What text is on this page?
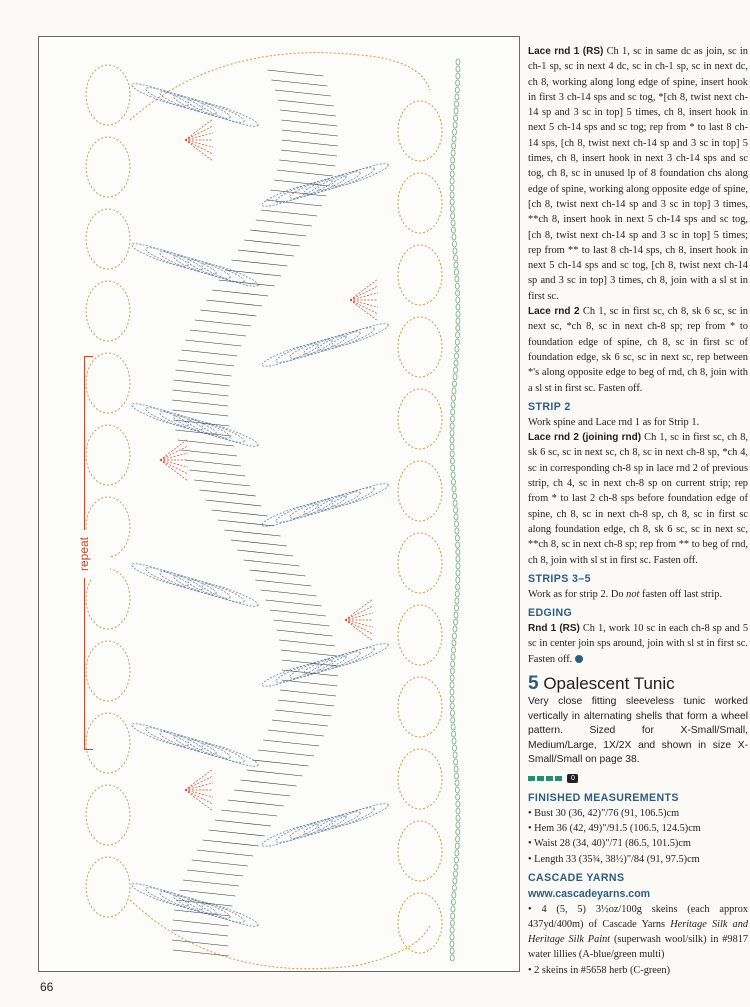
repeat

Lace rnd 1 (RS) Ch 1, sc in same dc as join, sc in ch-1 sp, sc in next 4 dc, sc in ch-1 sp, sc in next dc, ch 8, working along long edge of spine, insert hook in first 3 ch-14 sps and sc tog, *[ch 8, twist next ch-14 sp and 3 sc in top] 5 times, ch 8, insert hook in next 5 ch-14 sps and sc tog; rep from * to last 8 ch-14 sps, [ch 8, twist next ch-14 sp and 3 sc in top] 5 times, ch 8, insert hook in next 3 ch-14 sps and sc tog, ch 8, sc in unused lp of 8 foundation chs along edge of spine, working along opposite edge of spine, [ch 8, twist next ch-14 sp and 3 sc in top] 3 times, **ch 8, insert hook in next 5 ch-14 sps and sc tog, [ch 8, twist next ch-14 sp and 3 sc in top] 5 times; rep from ** to last 8 ch-14 sps, ch 8, insert hook in next 5 ch-14 sps and sc tog, [ch 8, twist next ch-14 sp and 3 sc in top] 3 times, ch 8, join with a sl st in first sc.

Lace rnd 2 Ch 1, sc in first sc, ch 8, sk 6 sc, sc in next sc, *ch 8, sc in next ch-8 sp; rep from * to foundation edge of spine, ch 8, sc in first sc of foundation edge, sk 6 sc, sc in next sc, rep between *'s along opposite edge to beg of rnd, ch 8, join with a sl st in first sc. Fasten off.

STRIP 2

Work spine and Lace rnd 1 as for Strip 1.

Lace rnd 2 (joining rnd) Ch 1, sc in first sc, ch 8, sk 6 sc, sc in next sc, ch 8, sc in next ch-8 sp, *ch 4, sc in corresponding ch-8 sp in lace rnd 2 of previous strip, ch 4, sc in next ch-8 sp on current strip; rep from * to last 2 ch-8 sps before foundation edge of spine, ch 8, sc in next ch-8 sp, ch 8, sc in first sc along foundation edge, ch 8, sk 6 sc, sc in next sc, **ch 8, sc in next ch-8 sp; rep from ** to beg of rnd, ch 8, join with sl st in first sc. Fasten off.

STRIPS 3–5

Work as for strip 2. Do not fasten off last strip.

EDGING

Rnd 1 (RS) Ch 1, work 10 sc in each ch-8 sp and 5 sc in center join sps around, join with sl st in first sc. Fasten off.

5 Opalescent Tunic

Very close fitting sleeveless tunic worked vertically in alternating shells that form a wheel pattern. Sized for X-Small/Small, Medium/Large, 1X/2X and shown in size X-Small/Small on page 38.

0
FINISHED MEASUREMENTS
• Bust 30 (36, 42)"/76 (91, 106.5)cm
• Hem 36 (42, 49)"/91.5 (106.5, 124.5)cm
• Waist 28 (34, 40)"/71 (86.5, 101.5)cm
• Length 33 (35¾, 38½)"/84 (91, 97.5)cm
CASCADE YARNS
www.cascadeyarns.com

• 4 (5, 5) 3½oz/100g skeins (each approx 437yd/400m) of Cascade Yarns Heritage Silk and Heritage Silk Paint (superwash wool/silk) in #9817 water lillies (A-blue/green multi)

• 2 skeins in #5658 herb (C-green)

66
